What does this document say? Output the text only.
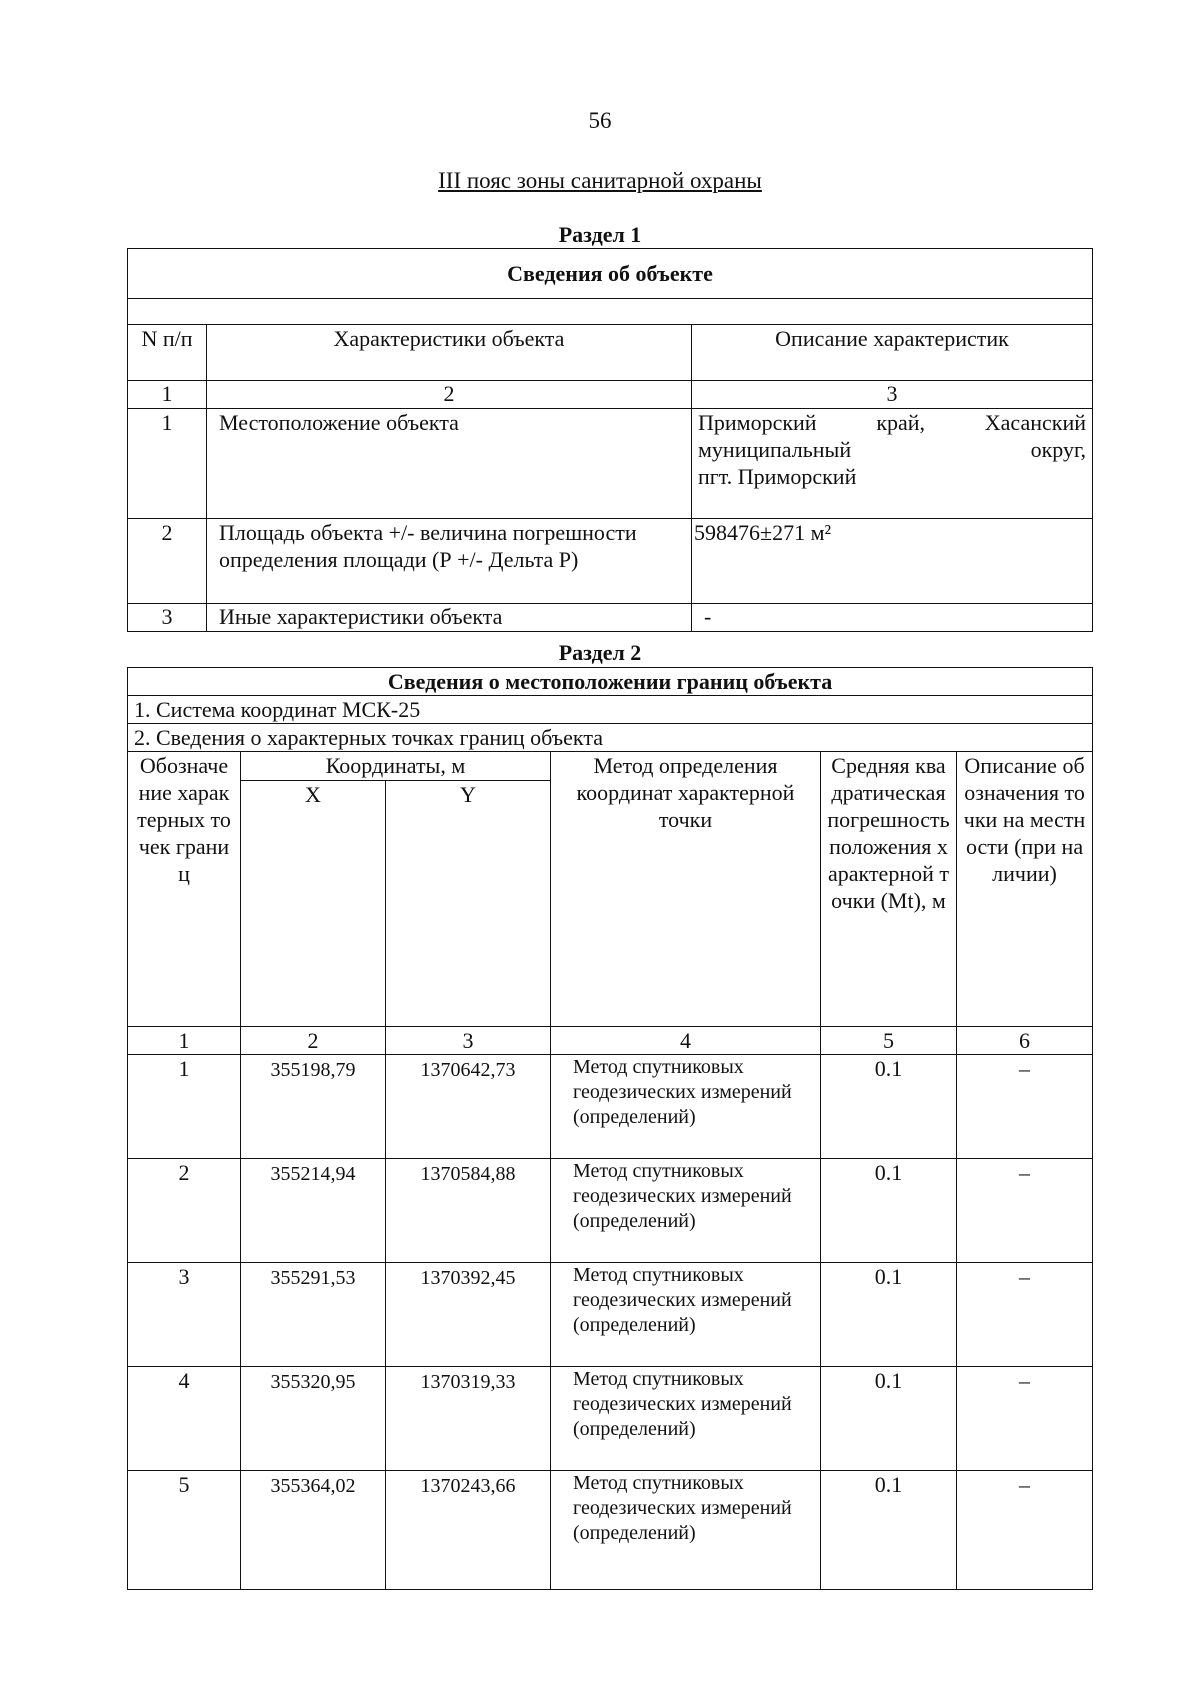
56
III пояс зоны санитарной охраны
Раздел 1
Сведения об объекте		

N п/п	Характеристики объекта	Описание характеристик
1	2	3
1	Местоположение объекта	Приморский край, Хасанский
муниципальный округ,
пгт. Приморский

2	Площадь объекта +/- величина погрешности определения площади (Р +/- Дельта Р)	598476±271 м²
3	Иные характеристики объекта	-
Раздел 2
Сведения о местоположении границ объекта					
1. Система координат МСК-25					
2. Сведения о характерных точках границ объекта					
Обозначение характерных точек границ	Координаты, м		Метод определения координат характерной точки	Средняя квадратическая погрешность положения характерной точки (Mt), м	Описание обозначения точки на местности (при наличии)
	X	Y			
1	2	3	4	5	6
1	355198,79	1370642,73	Метод спутниковых геодезических измерений (определений)	0.1	–
2	355214,94	1370584,88	Метод спутниковых геодезических измерений (определений)	0.1	–
3	355291,53	1370392,45	Метод спутниковых геодезических измерений (определений)	0.1	–
4	355320,95	1370319,33	Метод спутниковых геодезических измерений (определений)	0.1	–
5	355364,02	1370243,66	Метод спутниковых геодезических измерений (определений)	0.1	–
